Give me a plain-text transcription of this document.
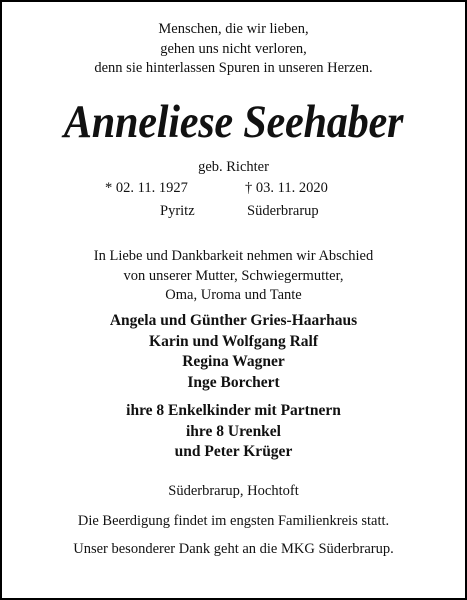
Menschen, die wir lieben,
gehen uns nicht verloren,
denn sie hinterlassen Spuren in unseren Herzen.
Anneliese Seehaber
geb. Richter
* 02. 11. 1927	† 03. 11. 2020
Pyritz	Süderbrarup
In Liebe und Dankbarkeit nehmen wir Abschied
von unserer Mutter, Schwiegermutter,
Oma, Uroma und Tante
Angela und Günther Gries-Haarhaus
Karin und Wolfgang Ralf
Regina Wagner
Inge Borchert
ihre 8 Enkelkinder mit Partnern
ihre 8 Urenkel
und Peter Krüger
Süderbrarup, Hochtoft
Die Beerdigung findet im engsten Familienkreis statt.
Unser besonderer Dank geht an die MKG Süderbrarup.
